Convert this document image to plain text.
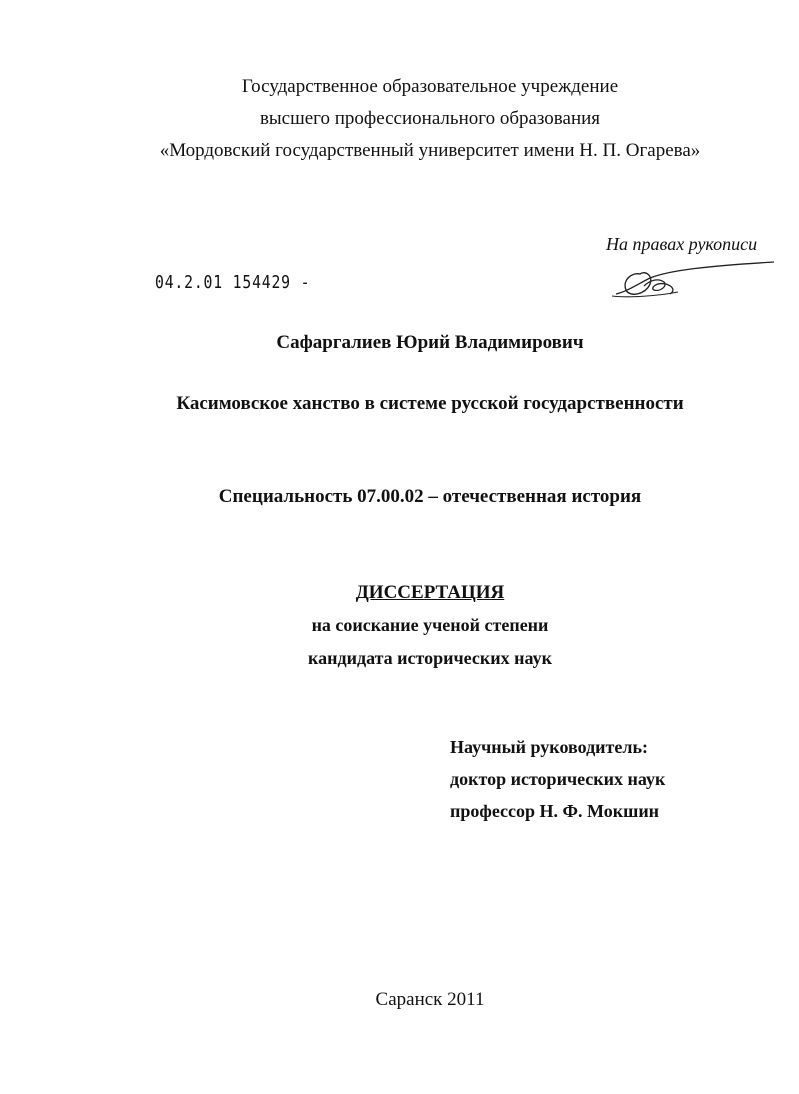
Государственное образовательное учреждение
высшего профессионального образования
«Мордовский государственный университет имени Н. П. Огарева»
На правах рукописи
04.2.01 154429 ‑
Сафаргалиев Юрий Владимирович
Касимовское ханство в системе русской государственности
Специальность 07.00.02 – отечественная история
ДИССЕРТАЦИЯ
на соискание ученой степени
кандидата исторических наук
Научный руководитель:
доктор исторических наук
профессор Н. Ф. Мокшин
Саранск 2011
